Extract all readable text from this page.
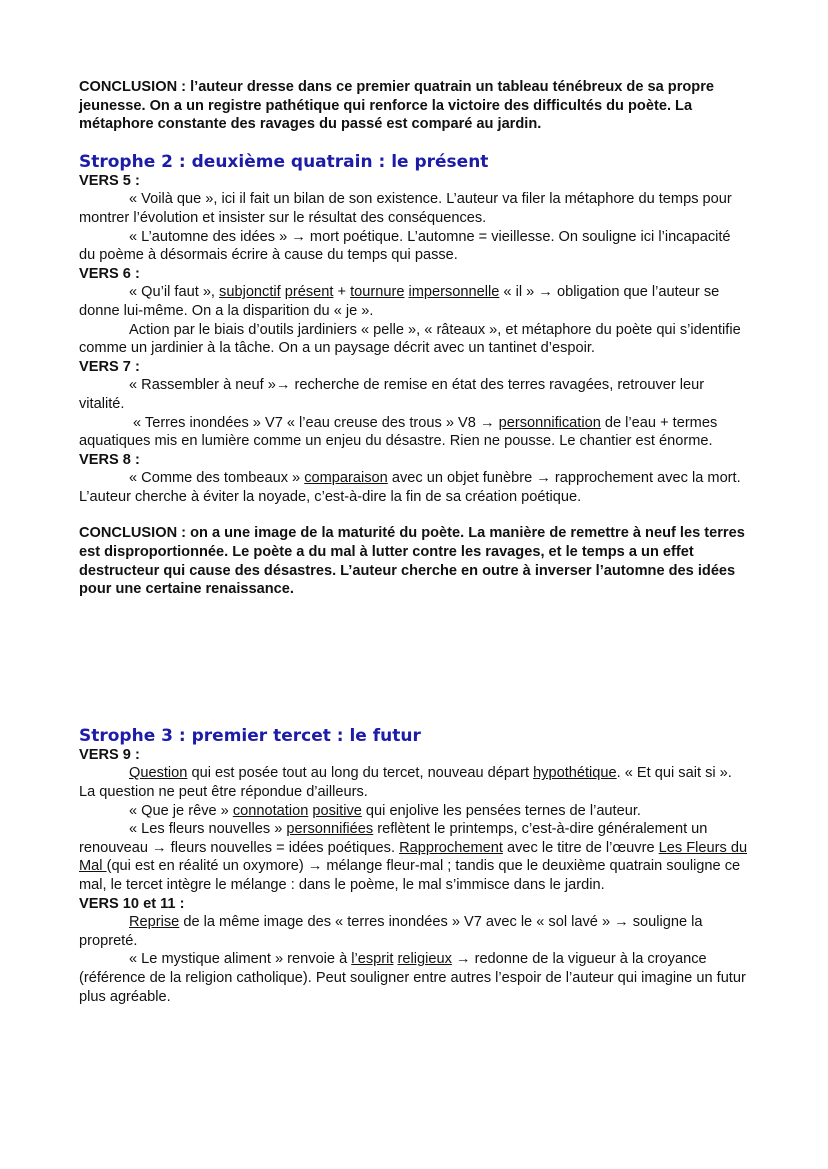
CONCLUSION : l’auteur dresse dans ce premier quatrain un tableau ténébreux de sa propre jeunesse. On a un registre pathétique qui renforce la victoire des difficultés du poète. La métaphore constante des ravages du passé est comparé au jardin.

Strophe 2 : deuxième quatrain : le présent

VERS 5 :

« Voilà que », ici il fait un bilan de son existence. L’auteur va filer la métaphore du temps pour montrer l’évolution et insister sur le résultat des conséquences.

« L’automne des idées » → mort poétique. L’automne = vieillesse. On souligne ici l’incapacité du poème à désormais écrire à cause du temps qui passe.

VERS 6 :

« Qu’il faut », subjonctif présent + tournure impersonnelle « il » → obligation que l’auteur se donne lui-même. On a la disparition du « je ».

Action par le biais d’outils jardiniers « pelle », « râteaux », et métaphore du poète qui s’identifie comme un jardinier à la tâche. On a un paysage décrit avec un tantinet d’espoir.

VERS 7 :

« Rassembler à neuf »→ recherche de remise en état des terres ravagées, retrouver leur vitalité.

« Terres inondées » V7 « l’eau creuse des trous » V8 → personnification de l’eau + termes aquatiques mis en lumière comme un enjeu du désastre. Rien ne pousse. Le chantier est énorme.

VERS 8 :

« Comme des tombeaux » comparaison avec un objet funèbre → rapprochement avec la mort. L’auteur cherche à éviter la noyade, c’est-à-dire la fin de sa création poétique.

CONCLUSION : on a une image de la maturité du poète. La manière de remettre à neuf les terres est disproportionnée. Le poète a du mal à lutter contre les ravages, et le temps a un effet destructeur qui cause des désastres. L’auteur cherche en outre à inverser l’automne des idées pour une certaine renaissance.

Strophe 3 : premier tercet : le futur

VERS 9 :

Question qui est posée tout au long du tercet, nouveau départ hypothétique. « Et qui sait si ». La question ne peut être répondue d’ailleurs.

« Que je rêve » connotation positive qui enjolive les pensées ternes de l’auteur.

« Les fleurs nouvelles » personnifiées reflètent le printemps, c’est-à-dire généralement un renouveau → fleurs nouvelles = idées poétiques. Rapprochement avec le titre de l’œuvre Les Fleurs du Mal (qui est en réalité un oxymore) → mélange fleur-mal ; tandis que le deuxième quatrain souligne ce mal, le tercet intègre le mélange : dans le poème, le mal s’immisce dans le jardin.

VERS 10 et 11 :

Reprise de la même image des « terres inondées » V7 avec le « sol lavé » → souligne la propreté.

« Le mystique aliment » renvoie à l’esprit religieux → redonne de la vigueur à la croyance (référence de la religion catholique). Peut souligner entre autres l’espoir de l’auteur qui imagine un futur plus agréable.
